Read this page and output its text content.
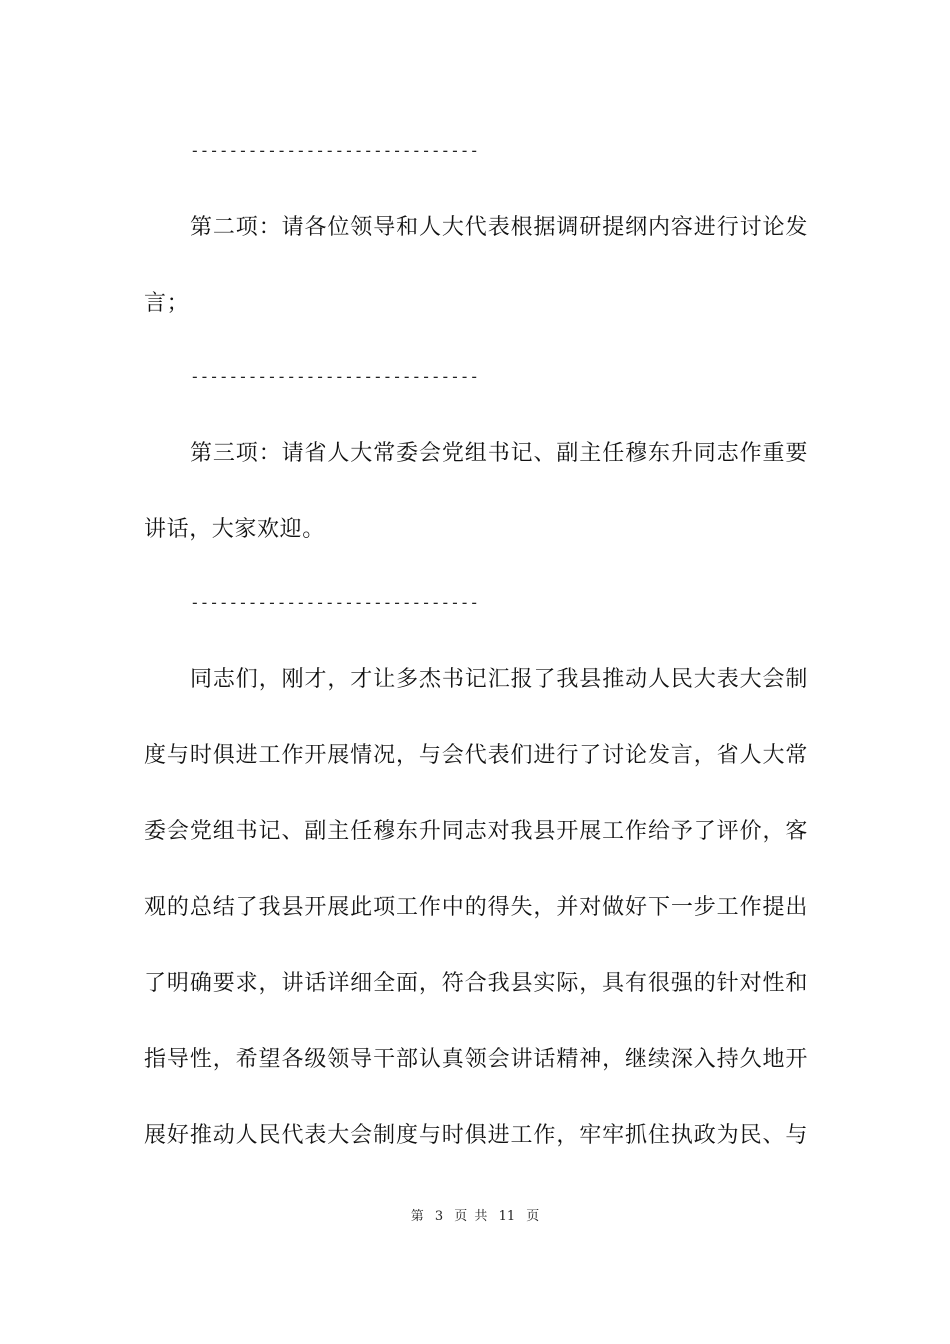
------------------------------
第二项：请各位领导和人大代表根据调研提纲内容进行讨论发
言；
------------------------------
第三项：请省人大常委会党组书记、副主任穆东升同志作重要
讲话，大家欢迎。
------------------------------
同志们，刚才，才让多杰书记汇报了我县推动人民大表大会制
度与时俱进工作开展情况，与会代表们进行了讨论发言，省人大常
委会党组书记、副主任穆东升同志对我县开展工作给予了评价，客
观的总结了我县开展此项工作中的得失，并对做好下一步工作提出
了明确要求，讲话详细全面，符合我县实际，具有很强的针对性和
指导性，希望各级领导干部认真领会讲话精神，继续深入持久地开
展好推动人民代表大会制度与时俱进工作，牢牢抓住执政为民、与
第 3 页 共 11 页
